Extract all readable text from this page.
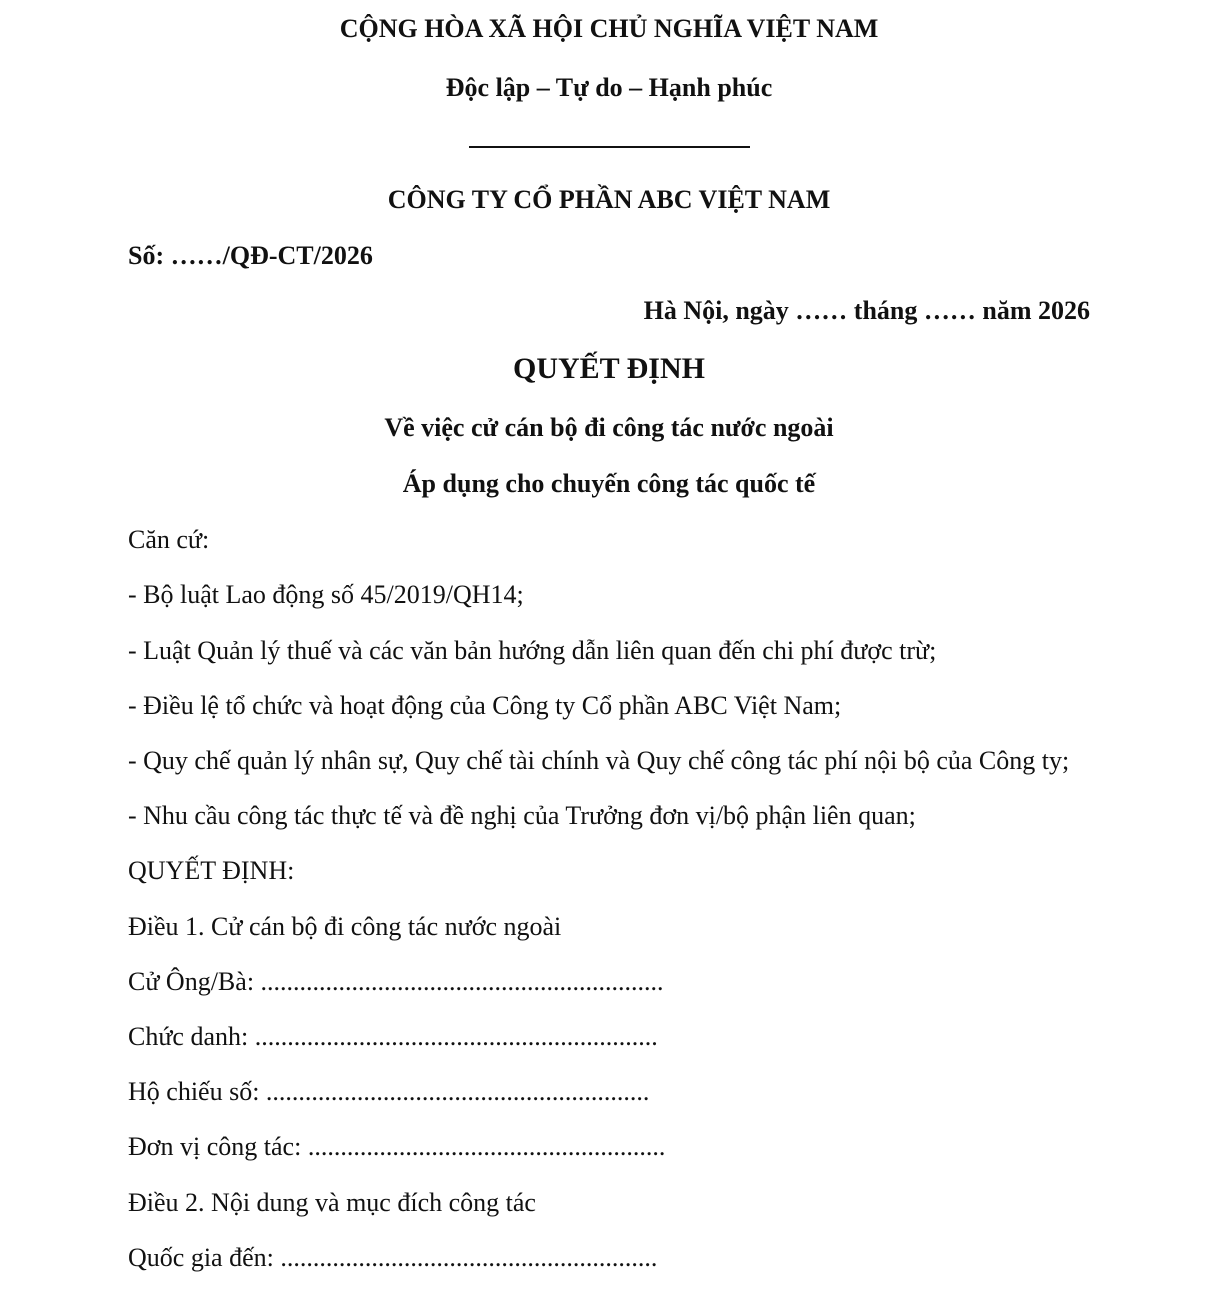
CỘNG HÒA XÃ HỘI CHỦ NGHĨA VIỆT NAM
Độc lập – Tự do – Hạnh phúc
CÔNG TY CỔ PHẦN ABC VIỆT NAM
Số: ……/QĐ-CT/2026
Hà Nội, ngày …… tháng …… năm 2026
QUYẾT ĐỊNH
Về việc cử cán bộ đi công tác nước ngoài
Áp dụng cho chuyến công tác quốc tế
Căn cứ:
- Bộ luật Lao động số 45/2019/QH14;
- Luật Quản lý thuế và các văn bản hướng dẫn liên quan đến chi phí được trừ;
- Điều lệ tổ chức và hoạt động của Công ty Cổ phần ABC Việt Nam;
- Quy chế quản lý nhân sự, Quy chế tài chính và Quy chế công tác phí nội bộ của Công ty;
- Nhu cầu công tác thực tế và đề nghị của Trưởng đơn vị/bộ phận liên quan;
QUYẾT ĐỊNH:
Điều 1. Cử cán bộ đi công tác nước ngoài
Cử Ông/Bà: ..............................................................
Chức danh: ..............................................................
Hộ chiếu số: ...........................................................
Đơn vị công tác: .......................................................
Điều 2. Nội dung và mục đích công tác
Quốc gia đến: ..........................................................
